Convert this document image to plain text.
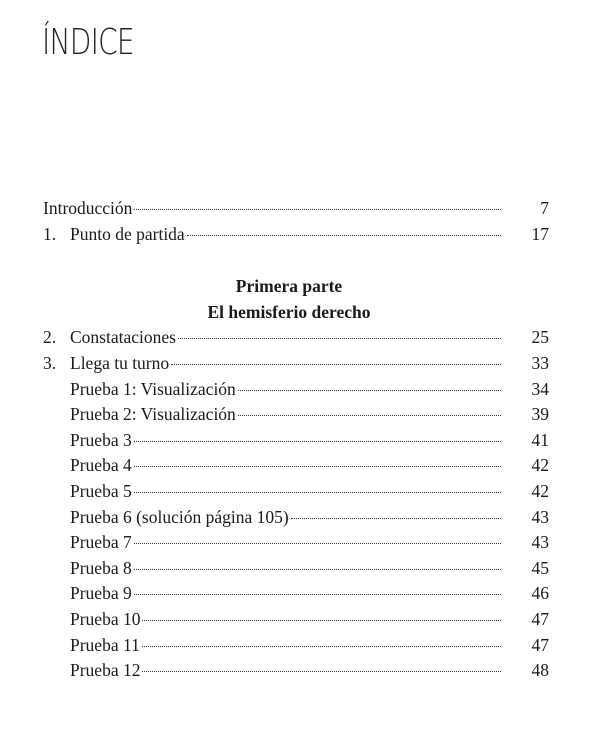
ÍNDICE
Introducción	7
1. Punto de partida	17
Primera parte
El hemisferio derecho
2. Constataciones	25
3. Llega tu turno	33
Prueba 1: Visualización	34
Prueba 2: Visualización	39
Prueba 3	41
Prueba 4	42
Prueba 5	42
Prueba 6 (solución página 105)	43
Prueba 7	43
Prueba 8	45
Prueba 9	46
Prueba 10	47
Prueba 11	47
Prueba 12	48
